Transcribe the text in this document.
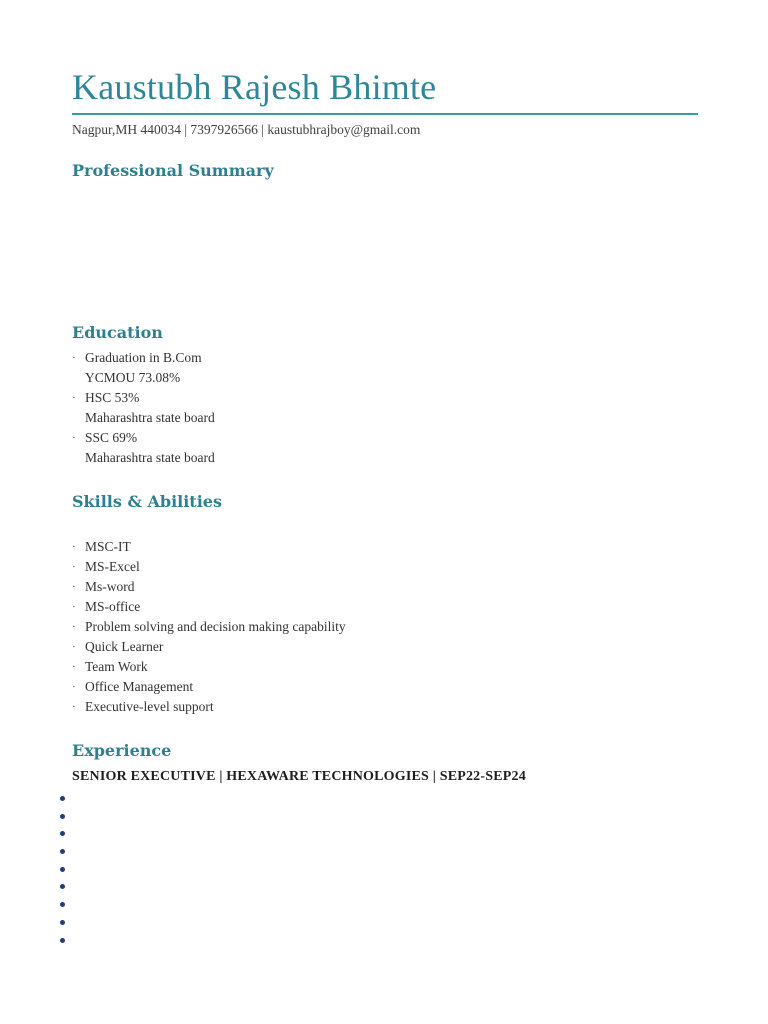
Kaustubh Rajesh Bhimte
Nagpur,MH 440034 | 7397926566 | kaustubhrajboy@gmail.com
Professional Summary
Education
· Graduation in B.Com
YCMOU 73.08%
· HSC 53%
Maharashtra state board
· SSC 69%
Maharashtra state board
Skills & Abilities
· MSC-IT
· MS-Excel
· Ms-word
· MS-office
· Problem solving and decision making capability
· Quick Learner
· Team Work
· Office Management
· Executive-level support
Experience
SENIOR EXECUTIVE | HEXAWARE TECHNOLOGIES | SEP22-SEP24
